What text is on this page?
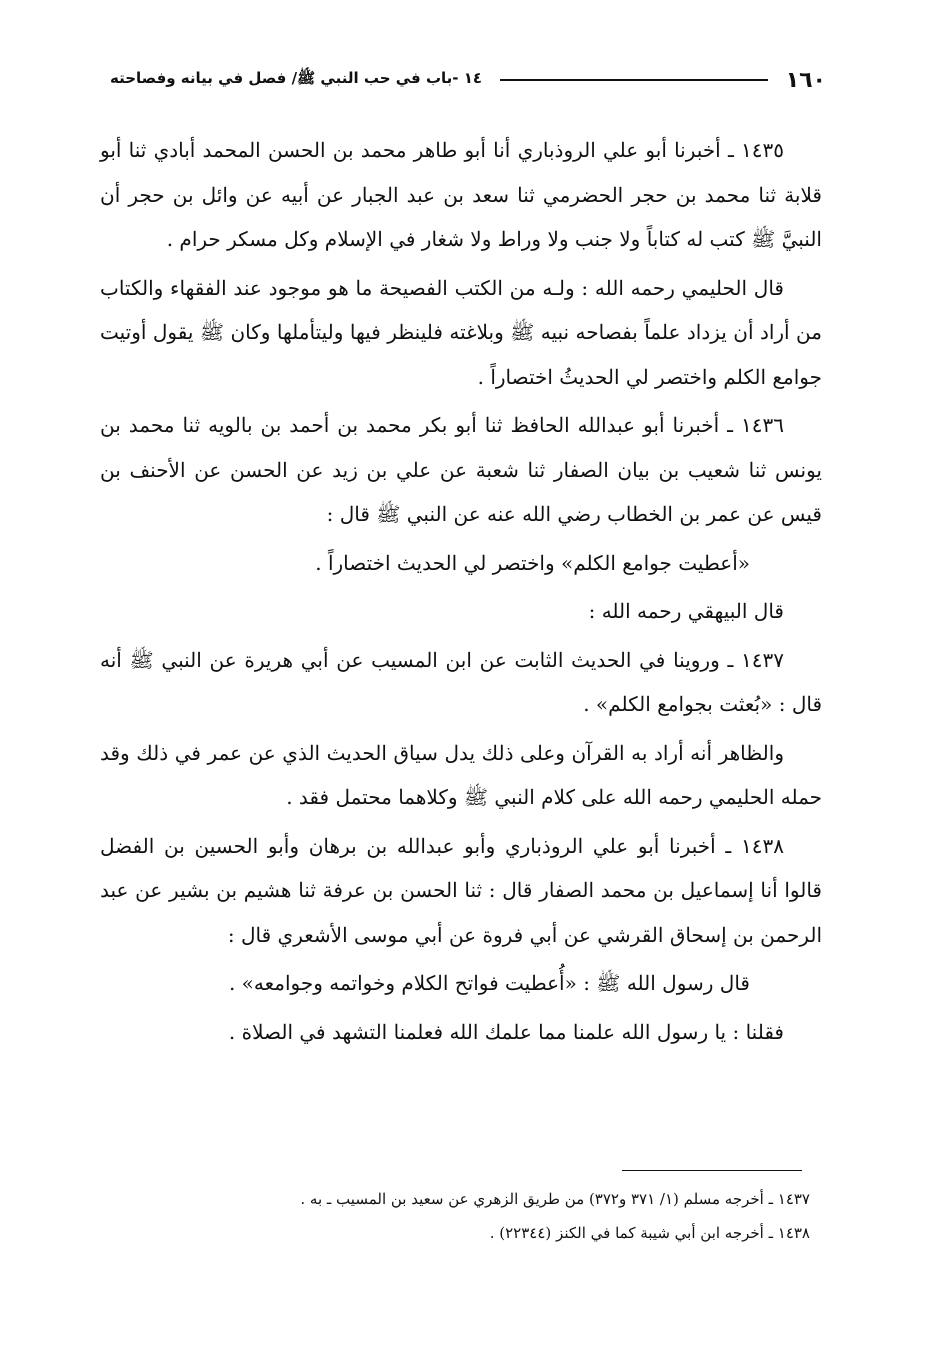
١٦٠
١٤ -باب في حب النبي ﷺ/ فصل في بيانه وفصاحته

١٤٣٥ ـ أخبرنا أبو علي الروذباري أنا أبو طاهر محمد بن الحسن المحمد أبادي ثنا أبو قلابة ثنا محمد بن حجر الحضرمي ثنا سعد بن عبد الجبار عن أبيه عن وائل بن حجر أن النبيَّ ﷺ كتب له كتاباً ولا جنب ولا وراط ولا شغار في الإسلام وكل مسكر حرام .

قال الحليمي رحمه الله : ولـه من الكتب الفصيحة ما هو موجود عند الفقهاء والكتاب من أراد أن يزداد علماً بفصاحه نبيه ﷺ وبلاغته فلينظر فيها وليتأملها وكان ﷺ يقول أوتيت جوامع الكلم واختصر لي الحديثُ اختصاراً .

١٤٣٦ ـ أخبرنا أبو عبدالله الحافظ ثنا أبو بكر محمد بن أحمد بن بالويه ثنا محمد بن يونس ثنا شعيب بن بيان الصفار ثنا شعبة عن علي بن زيد عن الحسن عن الأحنف بن قيس عن عمر بن الخطاب رضي الله عنه عن النبي ﷺ قال :

«أعطيت جوامع الكلم» واختصر لي الحديث اختصاراً .

قال البيهقي رحمه الله :

١٤٣٧ ـ وروينا في الحديث الثابت عن ابن المسيب عن أبي هريرة عن النبي ﷺ أنه قال : «بُعثت بجوامع الكلم» .

والظاهر أنه أراد به القرآن وعلى ذلك يدل سياق الحديث الذي عن عمر في ذلك وقد حمله الحليمي رحمه الله على كلام النبي ﷺ وكلاهما محتمل فقد .

١٤٣٨ ـ أخبرنا أبو علي الروذباري وأبو عبدالله بن برهان وأبو الحسين بن الفضل قالوا أنا إسماعيل بن محمد الصفار قال : ثنا الحسن بن عرفة ثنا هشيم بن بشير عن عبد الرحمن بن إسحاق القرشي عن أبي فروة عن أبي موسى الأشعري قال :

قال رسول الله ﷺ : «أُعطيت فواتح الكلام وخواتمه وجوامعه» .

فقلنا : يا رسول الله علمنا مما علمك الله فعلمنا التشهد في الصلاة .

١٤٣٧ ـ أخرجه مسلم (١/ ٣٧١ و٣٧٢) من طريق الزهري عن سعيد بن المسيب ـ به .

١٤٣٨ ـ أخرجه ابن أبي شيبة كما في الكنز (٢٢٣٤٤) .
